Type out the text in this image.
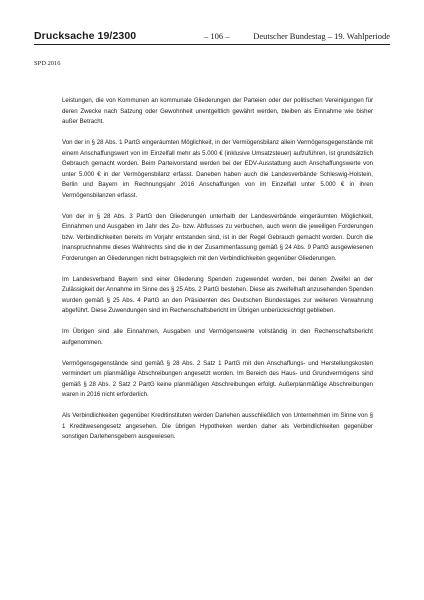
Drucksache 19/2300	– 106 –	Deutscher Bundestag – 19. Wahlperiode
SPD 2016

Leistungen, die von Kommunen an kommunale Gliederungen der Parteien oder der politischen Vereinigungen für deren Zwecke nach Satzung oder Gewohnheit unentgeltlich gewährt werden, bleiben als Einnahme wie bisher außer Betracht.

Von der in § 28 Abs. 1 PartG eingeräumten Möglichkeit, in der Vermögensbilanz allein Vermögensgegenstände mit einem Anschaffungswert von im Einzelfall mehr als 5.000 € (inklusive Umsatzsteuer) aufzuführen, ist grundsätzlich Gebrauch gemacht worden. Beim Parteivorstand werden bei der EDV-Ausstattung auch Anschaffungswerte von unter 5.000 € in der Vermögensbilanz erfasst. Daneben haben auch die Landesverbände Schleswig-Holstein, Berlin und Bayern im Rechnungsjahr 2016 Anschaffungen von im Einzelfall unter 5.000 € in ihren Vermögensbilanzen erfasst.

Von der in § 28 Abs. 3 PartG den Gliederungen unterhalb der Landesverbände eingeräumten Möglichkeit, Einnahmen und Ausgaben im Jahr des Zu- bzw. Abflusses zu verbuchen, auch wenn die jeweiligen Forderungen bzw. Verbindlichkeiten bereits im Vorjahr entstanden sind, ist in der Regel Gebrauch gemacht worden. Durch die Inanspruchnahme dieses Wahlrechts sind die in der Zusammenfassung gemäß § 24 Abs. 9 PartG ausgewiesenen Forderungen an Gliederungen nicht betragsgleich mit den Verbindlichkeiten gegenüber Gliederungen.

Im Landesverband Bayern sind einer Gliederung Spenden zugewendet worden, bei denen Zweifel an der Zulässigkeit der Annahme im Sinne des § 25 Abs. 2 PartG bestehen. Diese als zweifelhaft anzusehenden Spenden wurden gemäß § 25 Abs. 4 PartG an den Präsidenten des Deutschen Bundestages zur weiteren Verwahrung abgeführt. Diese Zuwendungen sind im Rechenschaftsbericht im Übrigen unberücksichtigt geblieben.

Im Übrigen sind alle Einnahmen, Ausgaben und Vermögenswerte vollständig in den Rechenschaftsbericht aufgenommen.

Vermögensgegenstände sind gemäß § 28 Abs. 2 Satz 1 PartG mit den Anschaffungs- und Herstellungskosten vermindert um planmäßige Abschreibungen angesetzt worden. Im Bereich des Haus- und Grundvermögens sind gemäß § 28 Abs. 2 Satz 2 PartG keine planmäßigen Abschreibungen erfolgt. Außerplanmäßige Abschreibungen waren in 2016 nicht erforderlich.

Als Verbindlichkeiten gegenüber Kreditinstituten werden Darlehen ausschließlich von Unternehmen im Sinne von § 1 Kreditwesengesetz angesehen. Die übrigen Hypotheken werden daher als Verbindlichkeiten gegenüber sonstigen Darlehensgebern ausgewiesen.
